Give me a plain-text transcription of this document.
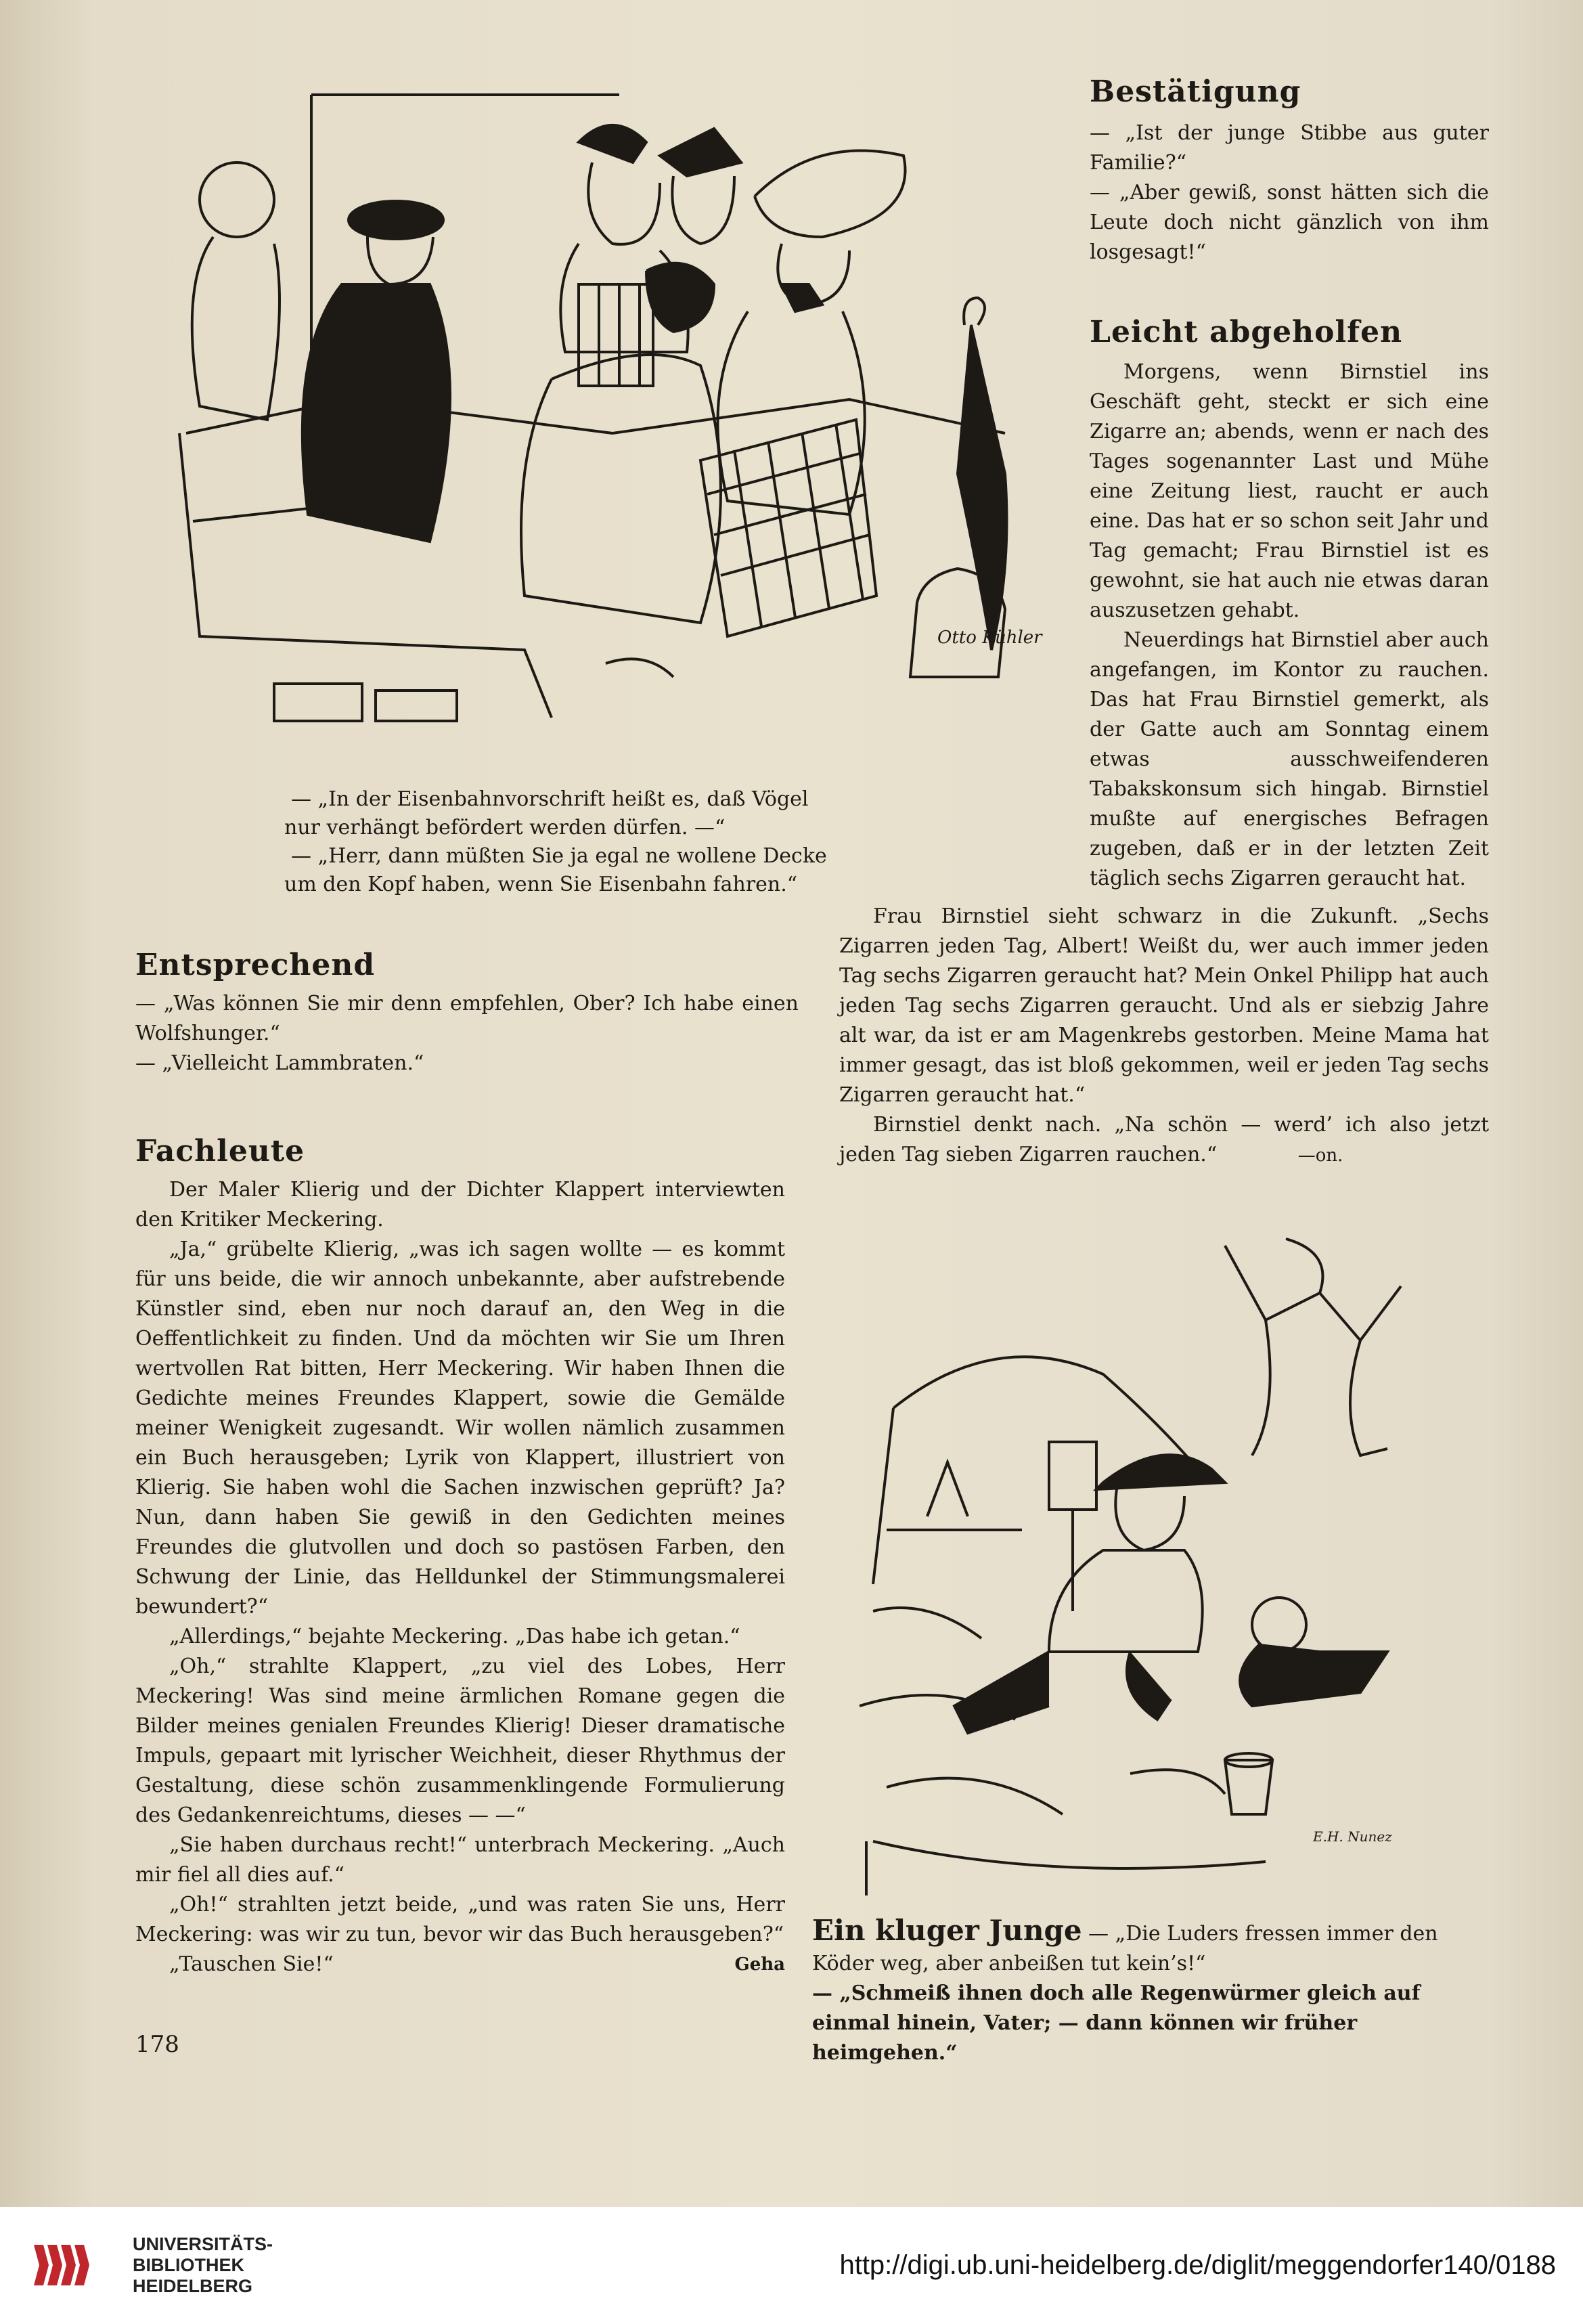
Otto Kühler
— „In der Eisenbahnvorschrift heißt es, daß Vögel
nur verhängt befördert werden dürfen. —“
— „Herr, dann müßten Sie ja egal ne wollene Decke
um den Kopf haben, wenn Sie Eisenbahn fahren.“
Bestätigung

— „Ist der junge Stibbe aus guter Familie?“

— „Aber gewiß, sonst hätten sich die Leute doch nicht gänzlich von ihm losgesagt!“

Leicht abgeholfen

Morgens, wenn Birnstiel ins Geschäft geht, steckt er sich eine Zigarre an; abends, wenn er nach des Tages sogenannter Last und Mühe eine Zeitung liest, raucht er auch eine. Das hat er so schon seit Jahr und Tag gemacht; Frau Birnstiel ist es gewohnt, sie hat auch nie etwas daran auszusetzen gehabt.

Neuerdings hat Birnstiel aber auch angefangen, im Kontor zu rauchen. Das hat Frau Birnstiel gemerkt, als der Gatte auch am Sonntag einem etwas ausschweifenderen Tabakskonsum sich hingab. Birnstiel mußte auf energisches Befragen zugeben, daß er in der letzten Zeit täglich sechs Zigarren geraucht hat.

Frau Birnstiel sieht schwarz in die Zukunft. „Sechs Zigarren jeden Tag, Albert! Weißt du, wer auch immer jeden Tag sechs Zigarren geraucht hat? Mein Onkel Philipp hat auch jeden Tag sechs Zigarren geraucht. Und als er siebzig Jahre alt war, da ist er am Magenkrebs gestorben. Meine Mama hat immer gesagt, das ist bloß gekommen, weil er jeden Tag sechs Zigarren geraucht hat.“

Birnstiel denkt nach. „Na schön — werd’ ich also jetzt jeden Tag sieben Zigarren rauchen.“	—on.

Entsprechend

— „Was können Sie mir denn empfehlen, Ober? Ich habe einen Wolfshunger.“

— „Vielleicht Lammbraten.“

Fachleute

Der Maler Klierig und der Dichter Klappert interviewten den Kritiker Meckering.

„Ja,“ grübelte Klierig, „was ich sagen wollte — es kommt für uns beide, die wir annoch unbekannte, aber aufstrebende Künstler sind, eben nur noch darauf an, den Weg in die Oeffentlichkeit zu finden. Und da möchten wir Sie um Ihren wertvollen Rat bitten, Herr Meckering. Wir haben Ihnen die Gedichte meines Freundes Klappert, sowie die Gemälde meiner Wenigkeit zugesandt. Wir wollen nämlich zusammen ein Buch herausgeben; Lyrik von Klappert, illustriert von Klierig. Sie haben wohl die Sachen inzwischen geprüft? Ja? Nun, dann haben Sie gewiß in den Gedichten meines Freundes die glutvollen und doch so pastösen Farben, den Schwung der Linie, das Helldunkel der Stimmungsmalerei bewundert?“

„Allerdings,“ bejahte Meckering. „Das habe ich getan.“

„Oh,“ strahlte Klappert, „zu viel des Lobes, Herr Meckering! Was sind meine ärmlichen Romane gegen die Bilder meines genialen Freundes Klierig! Dieser dramatische Impuls, gepaart mit lyrischer Weichheit, dieser Rhythmus der Gestaltung, diese schön zusammenklingende Formulierung des Gedankenreichtums, dieses — —“

„Sie haben durchaus recht!“ unterbrach Meckering. „Auch mir fiel all dies auf.“

„Oh!“ strahlten jetzt beide, „und was raten Sie uns, Herr Meckering: was wir zu tun, bevor wir das Buch herausgeben?“

„Tauschen Sie!“	Geha

178
E.H. Nunez

Ein kluger Junge — „Die Luders fressen immer den Köder weg, aber anbeißen tut kein’s!“

— „Schmeiß ihnen doch alle Regenwürmer gleich auf einmal hinein, Vater; — dann können wir früher heimgehen.“

UNIVERSITÄTS-
BIBLIOTHEK
HEIDELBERG
http://digi.ub.uni-heidelberg.de/diglit/meggendorfer140/0188
